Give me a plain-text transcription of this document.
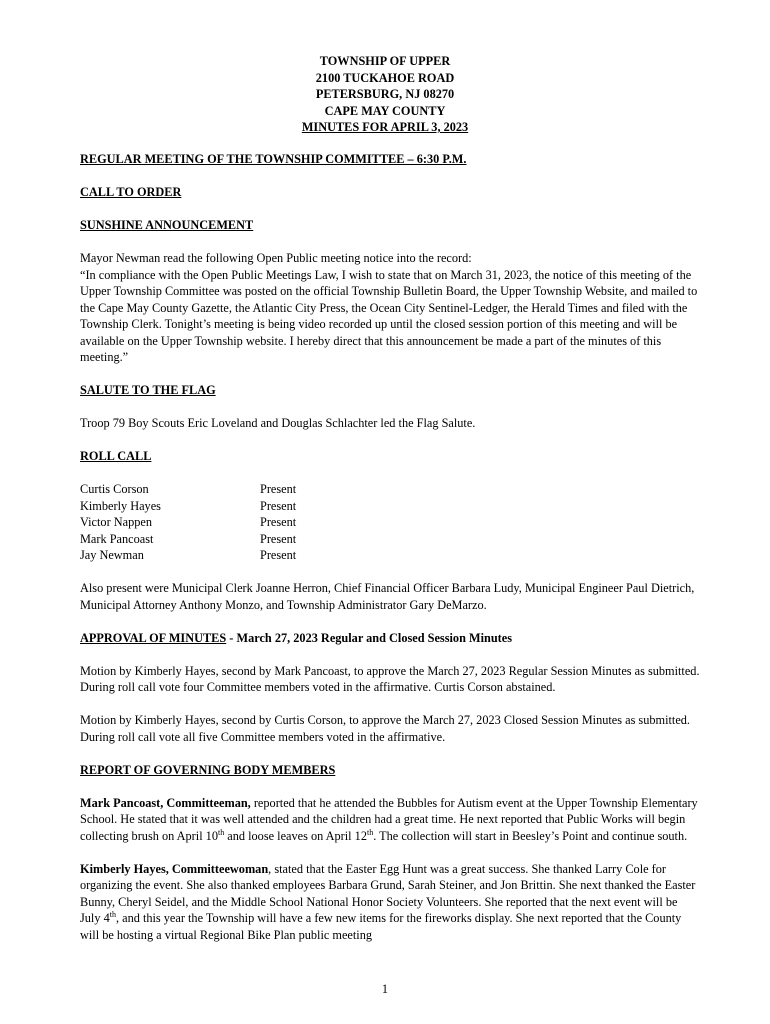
TOWNSHIP OF UPPER
2100 TUCKAHOE ROAD
PETERSBURG, NJ 08270
CAPE MAY COUNTY
MINUTES FOR APRIL 3, 2023

REGULAR MEETING OF THE TOWNSHIP COMMITTEE – 6:30 P.M.

CALL TO ORDER

SUNSHINE ANNOUNCEMENT

Mayor Newman read the following Open Public meeting notice into the record:

“In compliance with the Open Public Meetings Law, I wish to state that on March 31, 2023, the notice of this meeting of the Upper Township Committee was posted on the official Township Bulletin Board, the Upper Township Website, and mailed to the Cape May County Gazette, the Atlantic City Press, the Ocean City Sentinel-Ledger, the Herald Times and filed with the Township Clerk. Tonight’s meeting is being video recorded up until the closed session portion of this meeting and will be available on the Upper Township website. I hereby direct that this announcement be made a part of the minutes of this meeting.”

SALUTE TO THE FLAG

Troop 79 Boy Scouts Eric Loveland and Douglas Schlachter led the Flag Salute.

ROLL CALL

Curtis Corson	Present
Kimberly Hayes	Present
Victor Nappen	Present
Mark Pancoast	Present
Jay Newman	Present

Also present were Municipal Clerk Joanne Herron, Chief Financial Officer Barbara Ludy, Municipal Engineer Paul Dietrich, Municipal Attorney Anthony Monzo, and Township Administrator Gary DeMarzo.

APPROVAL OF MINUTES - March 27, 2023 Regular and Closed Session Minutes

Motion by Kimberly Hayes, second by Mark Pancoast, to approve the March 27, 2023 Regular Session Minutes as submitted. During roll call vote four Committee members voted in the affirmative. Curtis Corson abstained.

Motion by Kimberly Hayes, second by Curtis Corson, to approve the March 27, 2023 Closed Session Minutes as submitted. During roll call vote all five Committee members voted in the affirmative.

REPORT OF GOVERNING BODY MEMBERS

Mark Pancoast, Committeeman, reported that he attended the Bubbles for Autism event at the Upper Township Elementary School. He stated that it was well attended and the children had a great time. He next reported that Public Works will begin collecting brush on April 10th and loose leaves on April 12th. The collection will start in Beesley’s Point and continue south.

Kimberly Hayes, Committeewoman, stated that the Easter Egg Hunt was a great success. She thanked Larry Cole for organizing the event. She also thanked employees Barbara Grund, Sarah Steiner, and Jon Brittin. She next thanked the Easter Bunny, Cheryl Seidel, and the Middle School National Honor Society Volunteers. She reported that the next event will be July 4th, and this year the Township will have a few new items for the fireworks display. She next reported that the County will be hosting a virtual Regional Bike Plan public meeting

1
